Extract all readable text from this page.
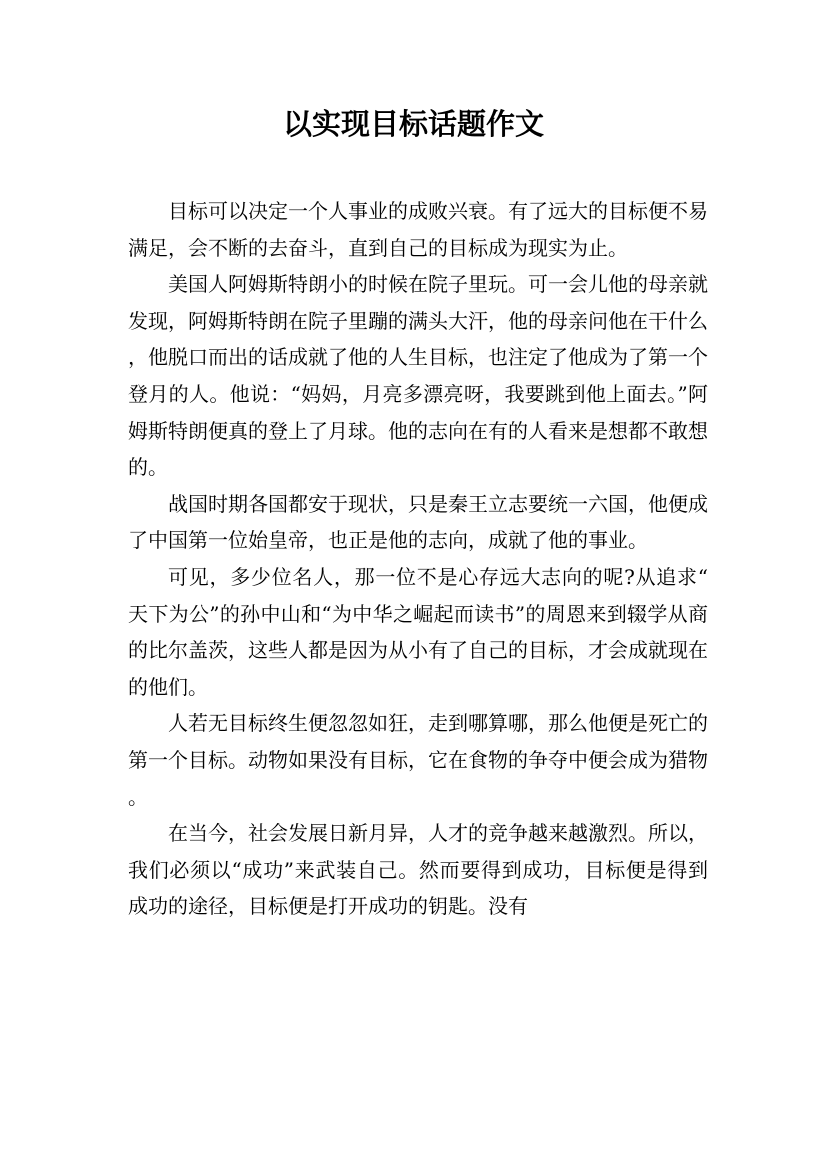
以实现目标话题作文

目标可以决定一个人事业的成败兴衰。有了远大的目标便不易满足，会不断的去奋斗，直到自己的目标成为现实为止。

美国人阿姆斯特朗小的时候在院子里玩。可一会儿他的母亲就发现，阿姆斯特朗在院子里蹦的满头大汗，他的母亲问他在干什么，他脱口而出的话成就了他的人生目标，也注定了他成为了第一个登月的人。他说：“妈妈，月亮多漂亮呀，我要跳到他上面去。”阿姆斯特朗便真的登上了月球。他的志向在有的人看来是想都不敢想的。

战国时期各国都安于现状，只是秦王立志要统一六国，他便成了中国第一位始皇帝，也正是他的志向，成就了他的事业。

可见，多少位名人，那一位不是心存远大志向的呢?从追求“天下为公”的孙中山和“为中华之崛起而读书”的周恩来到辍学从商的比尔盖茨，这些人都是因为从小有了自己的目标，才会成就现在的他们。

人若无目标终生便忽忽如狂，走到哪算哪，那么他便是死亡的第一个目标。动物如果没有目标，它在食物的争夺中便会成为猎物。

在当今，社会发展日新月异，人才的竞争越来越激烈。所以，我们必须以“成功”来武装自己。然而要得到成功，目标便是得到成功的途径，目标便是打开成功的钥匙。没有
